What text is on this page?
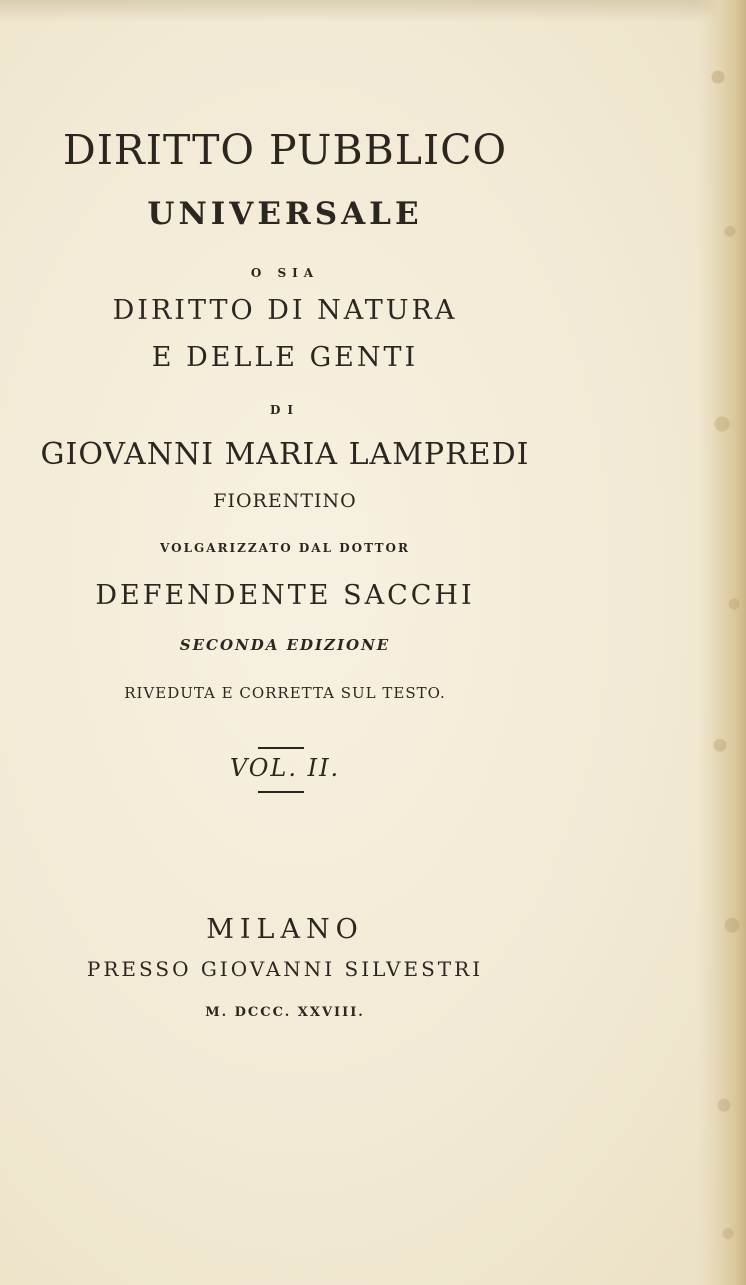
DIRITTO PUBBLICO
UNIVERSALE
O SIA
DIRITTO DI NATURA
E DELLE GENTI
DI
GIOVANNI MARIA LAMPREDI
FIORENTINO
VOLGARIZZATO DAL DOTTOR
DEFENDENTE SACCHI
SECONDA EDIZIONE
RIVEDUTA E CORRETTA SUL TESTO.
VOL. II.
MILANO
PRESSO GIOVANNI SILVESTRI
M. DCCC. XXVIII.
